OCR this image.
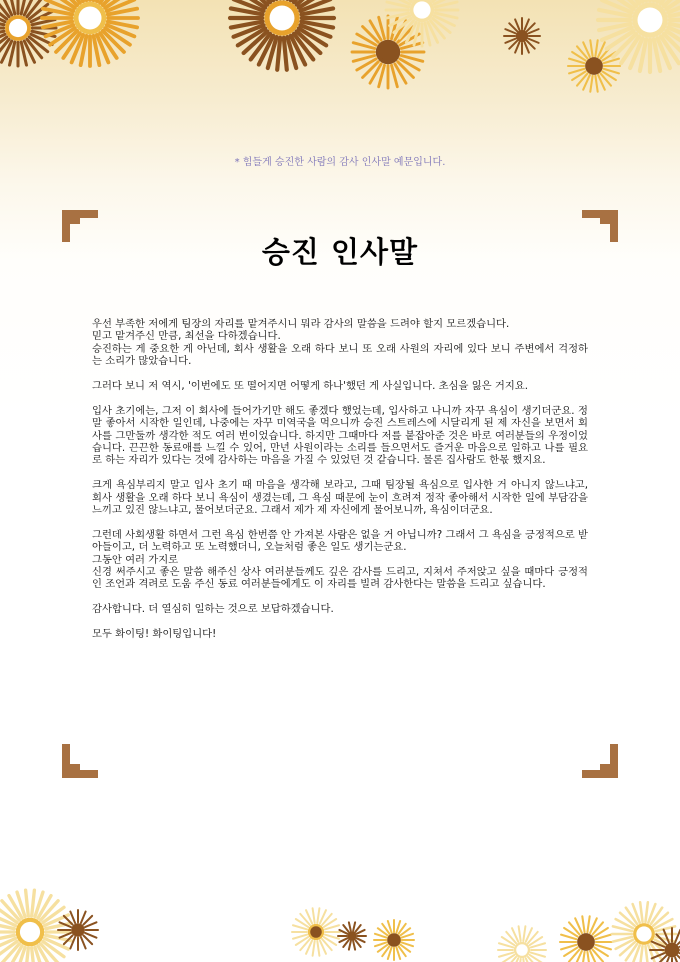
* 힘들게 승진한 사람의 감사 인사말 예문입니다.
승진 인사말

우선 부족한 저에게 팀장의 자리를 맡겨주시니 뭐라 감사의 말씀을 드려야 할지 모르겠습니다.

믿고 맡겨주신 만큼, 최선을 다하겠습니다.

승진하는 게 중요한 게 아닌데, 회사 생활을 오래 하다 보니 또 오래 사원의 자리에 있다 보니 주변에서 걱정하는 소리가 많았습니다.

그러다 보니 저 역시, '이번에도 또 떨어지면 어떻게 하나'했던 게 사실입니다. 초심을 잃은 거지요.

입사 초기에는, 그저 이 회사에 들어가기만 해도 좋겠다 했었는데, 입사하고 나니까 자꾸 욕심이 생기더군요. 정말 좋아서 시작한 일인데, 나중에는 자꾸 미역국을 먹으니까 승진 스트레스에 시달리게 된 제 자신을 보면서 회사를 그만둘까 생각한 적도 여러 번이었습니다. 하지만 그때마다 저를 붙잡아준 것은 바로 여러분들의 우정이었습니다. 끈끈한 동료애를 느낄 수 있어, 만년 사원이라는 소리를 들으면서도 즐거운 마음으로 일하고 나를 필요로 하는 자리가 있다는 것에 감사하는 마음을 가질 수 있었던 것 같습니다. 물론 집사람도 한몫 했지요.

크게 욕심부리지 말고 입사 초기 때 마음을 생각해 보라고, 그때 팀장될 욕심으로 입사한 거 아니지 않느냐고, 회사 생활을 오래 하다 보니 욕심이 생겼는데, 그 욕심 때문에 눈이 흐려져 정작 좋아해서 시작한 일에 부담감을 느끼고 있진 않느냐고, 물어보더군요. 그래서 제가 제 자신에게 물어보니까, 욕심이더군요.

그런데 사회생활 하면서 그런 욕심 한번쯤 안 가져본 사람은 없을 거 아닙니까? 그래서 그 욕심을 긍정적으로 받아들이고, 더 노력하고 또 노력했더니, 오늘처럼 좋은 일도 생기는군요.

그동안 여러 가지로

신경 써주시고 좋은 말씀 해주신 상사 여러분들께도 깊은 감사를 드리고, 지쳐서 주저앉고 싶을 때마다 긍정적인 조언과 격려로 도움 주신 동료 여러분들에게도 이 자리를 빌려 감사한다는 말씀을 드리고 싶습니다.

감사합니다. 더 열심히 일하는 것으로 보답하겠습니다.

모두 화이팅! 화이팅입니다!
